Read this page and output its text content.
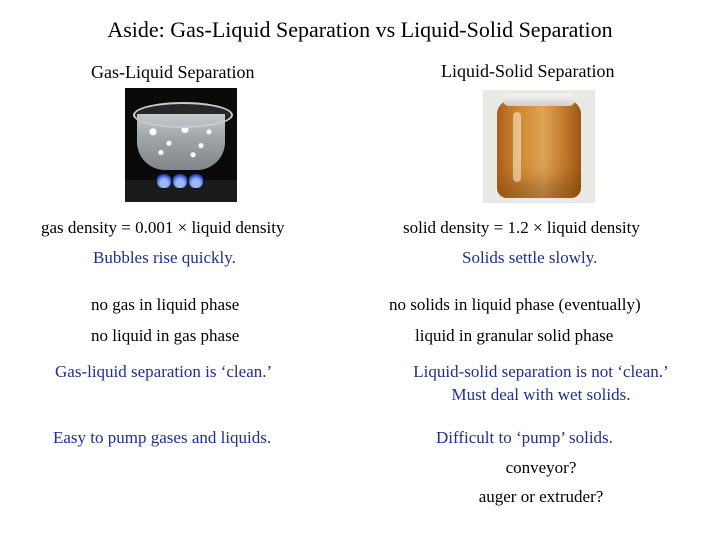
Aside: Gas-Liquid Separation vs Liquid-Solid Separation
Gas-Liquid Separation
gas density = 0.001 × liquid density
Bubbles rise quickly.
no gas in liquid phase
no liquid in gas phase
Gas-liquid separation is ‘clean.’
Easy to pump gases and liquids.
Liquid-Solid Separation
solid density = 1.2 × liquid density
Solids settle slowly.
no solids in liquid phase (eventually)
liquid in granular solid phase
Liquid-solid separation is not ‘clean.’
Must deal with wet solids.
Difficult to ‘pump’ solids.
conveyor?
auger or extruder?
